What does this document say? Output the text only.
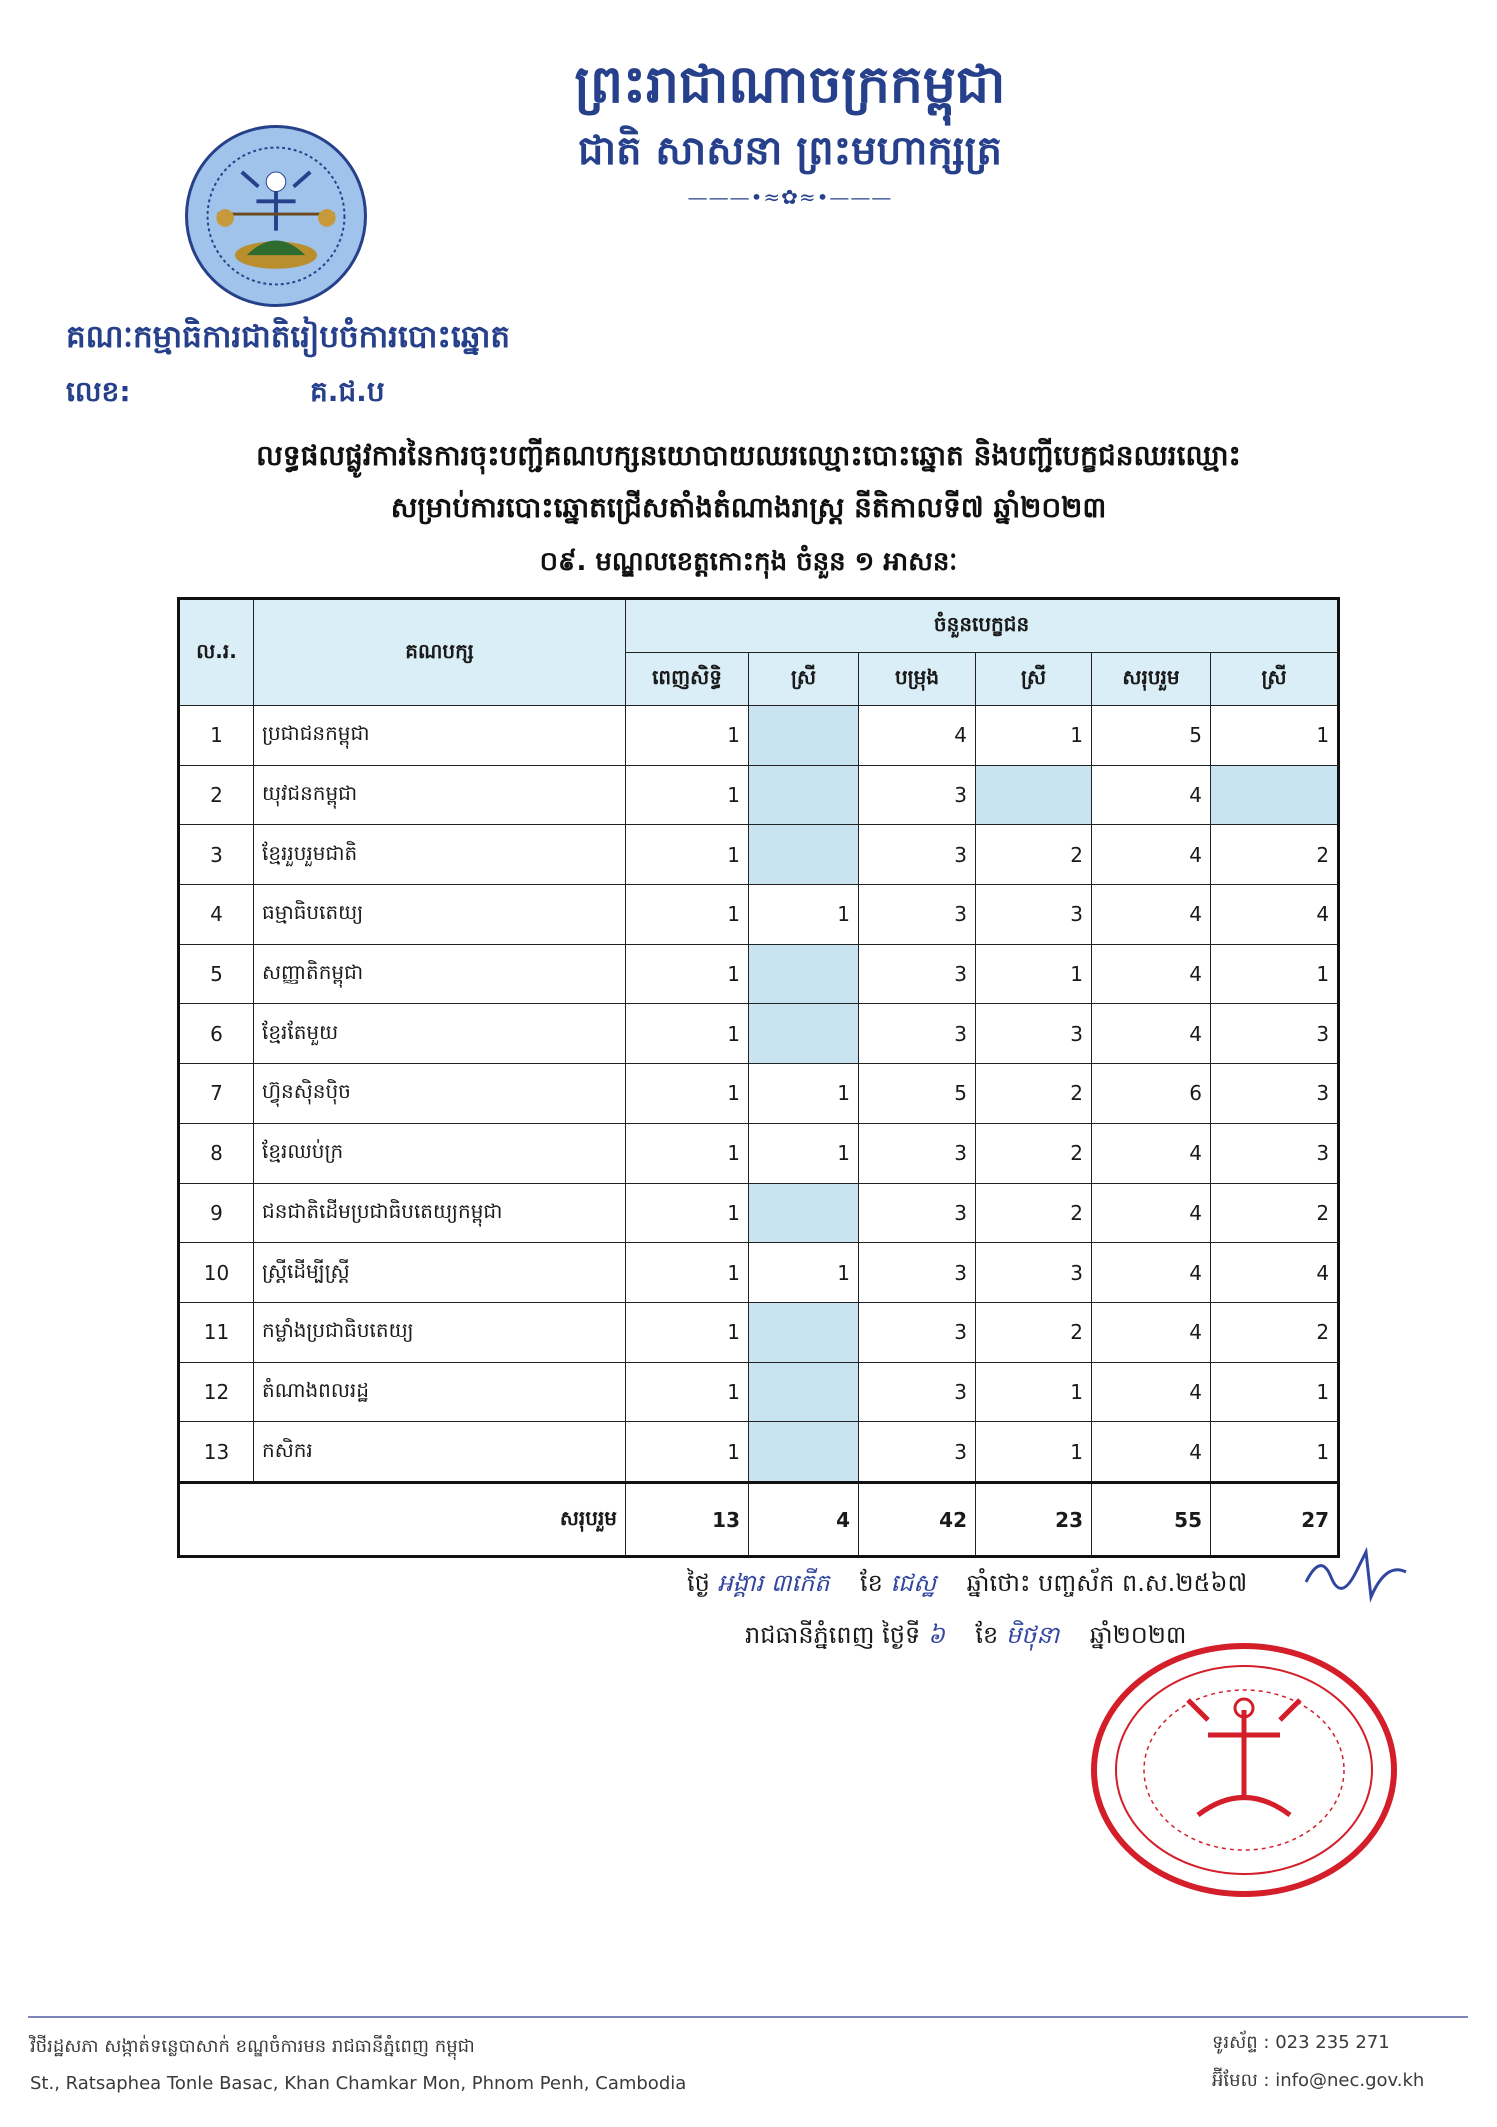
ព្រះរាជាណាចក្រកម្ពុជា
ជាតិ សាសនា ព្រះមហាក្សត្រ
———•≈✿≈•———
គណៈកម្មាធិការជាតិរៀបចំការបោះឆ្នោត
លេខ:	គ.ជ.ប
លទ្ធផលផ្លូវការនៃការចុះបញ្ជីគណបក្សនយោបាយឈរឈ្មោះបោះឆ្នោត និងបញ្ជីបេក្ខជនឈរឈ្មោះ
សម្រាប់ការបោះឆ្នោតជ្រើសតាំងតំណាងរាស្ត្រ នីតិកាលទី៧ ឆ្នាំ២០២៣
០៩. មណ្ឌលខេត្តកោះកុង ចំនួន ១ អាសនៈ
ល.រ.	គណបក្ស	ចំនួនបេក្ខជន					
		ពេញសិទ្ធិ	ស្រី	បម្រុង	ស្រី	សរុបរួម	ស្រី
1	ប្រជាជនកម្ពុជា	1		4	1	5	1
2	យុវជនកម្ពុជា	1		3		4	
3	ខ្មែររួបរួមជាតិ	1		3	2	4	2
4	ធម្មាធិបតេយ្យ	1	1	3	3	4	4
5	សញ្ញាតិកម្ពុជា	1		3	1	4	1
6	ខ្មែរតែមួយ	1		3	3	4	3
7	ហ៊្វុនស៊ិនប៉ិច	1	1	5	2	6	3
8	ខ្មែរឈប់ក្រ	1	1	3	2	4	3
9	ជនជាតិដើមប្រជាធិបតេយ្យកម្ពុជា	1		3	2	4	2
10	ស្ត្រីដើម្បីស្ត្រី	1	1	3	3	4	4
11	កម្លាំងប្រជាធិបតេយ្យ	1		3	2	4	2
12	តំណាងពលរដ្ឋ	1		3	1	4	1
13	កសិករ	1		3	1	4	1
សរុបរួម		13	4	42	23	55	27
ថ្ងៃ អង្គារ ៣កើត ខែ ជេស្ឋ ឆ្នាំថោះ បញ្ចស័ក ព.ស.២៥៦៧
រាជធានីភ្នំពេញ ថ្ងៃទី ៦ ខែ មិថុនា ឆ្នាំ២០២៣
វិថីរដ្ឋសភា សង្កាត់ទន្លេបាសាក់ ខណ្ឌចំការមន រាជធានីភ្នំពេញ កម្ពុជា
St., Ratsaphea Tonle Basac, Khan Chamkar Mon, Phnom Penh, Cambodia
ទូរស័ព្ទ : 023 235 271
អ៊ីមែល : info@nec.gov.kh
